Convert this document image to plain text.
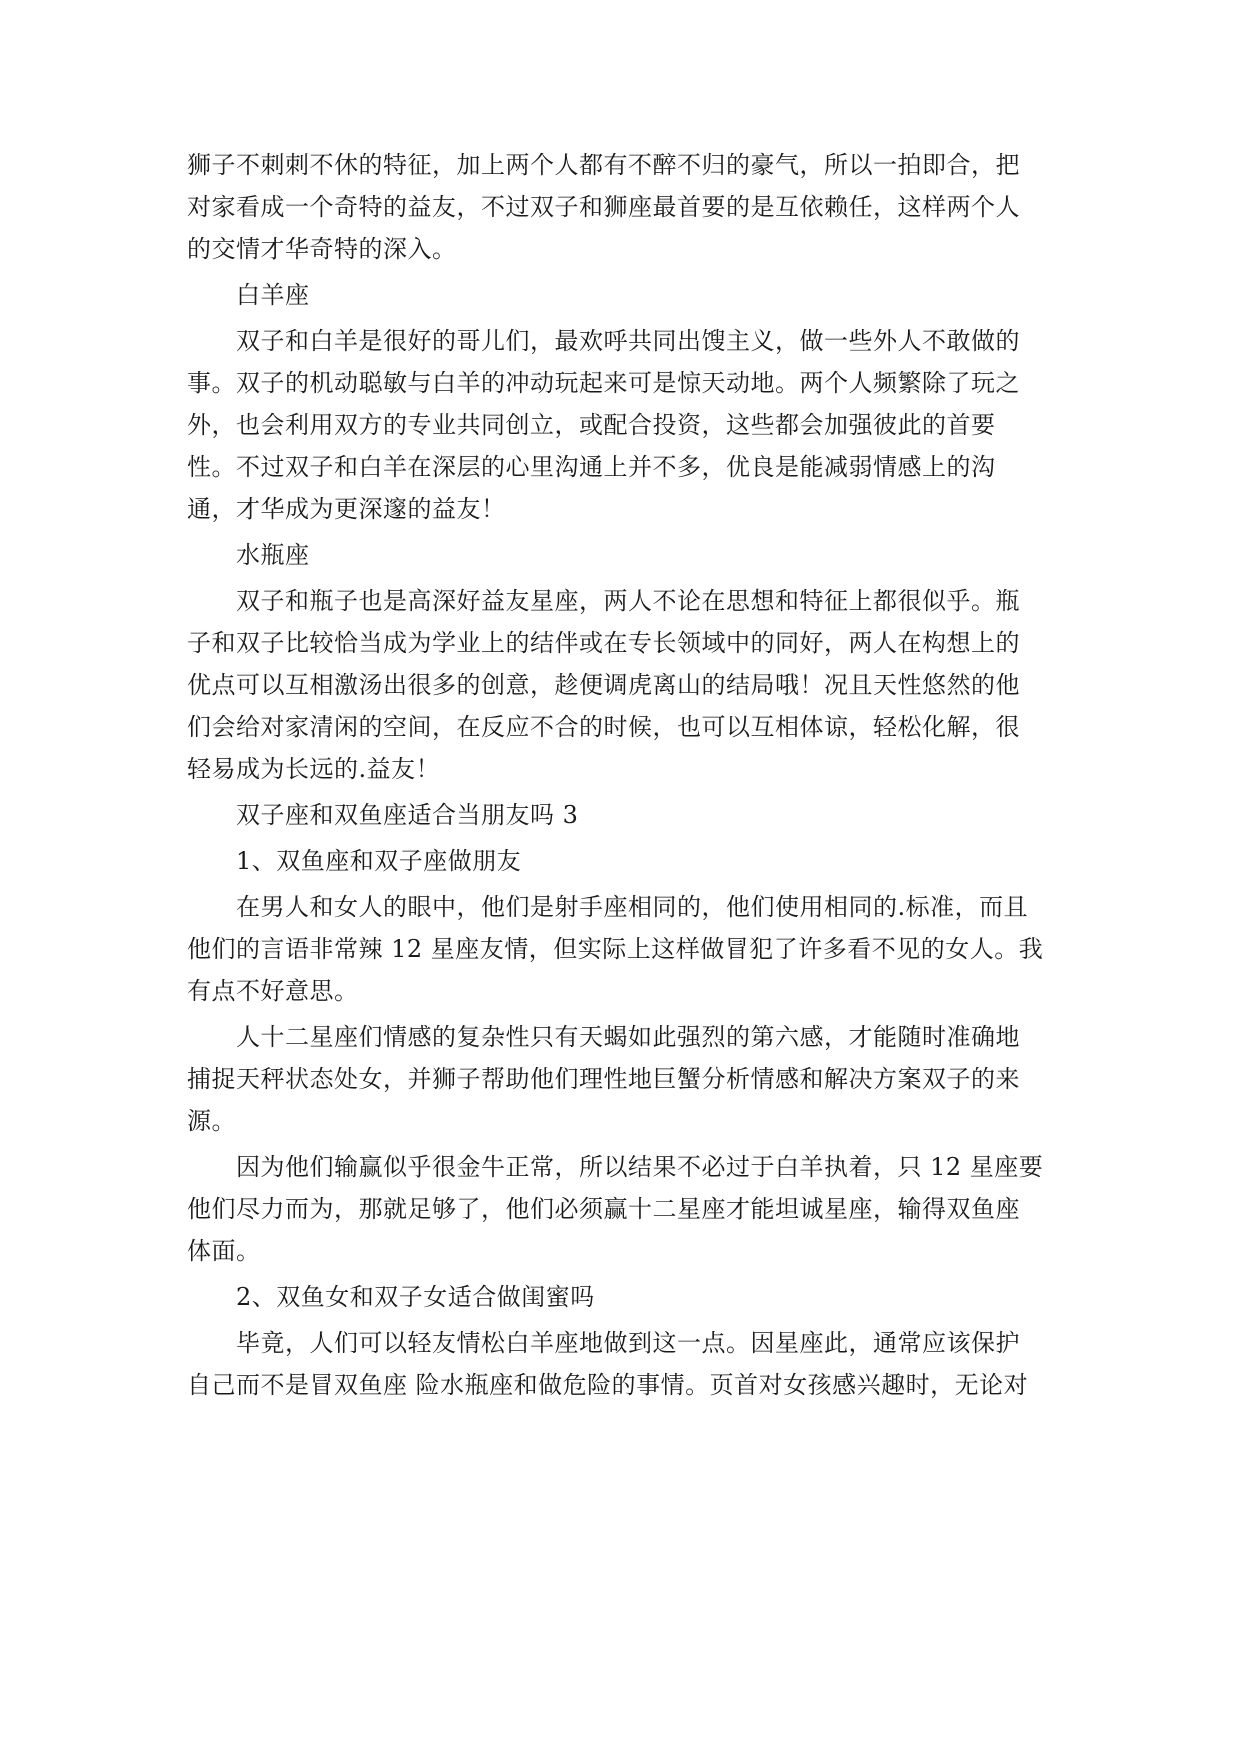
狮子不刺刺不休的特征，加上两个人都有不醉不归的豪气，所以一拍即合，把
对家看成一个奇特的益友，不过双子和狮座最首要的是互依赖任，这样两个人
的交情才华奇特的深入。
白羊座
双子和白羊是很好的哥儿们，最欢呼共同出馊主义，做一些外人不敢做的
事。双子的机动聪敏与白羊的冲动玩起来可是惊天动地。两个人频繁除了玩之
外，也会利用双方的专业共同创立，或配合投资，这些都会加强彼此的首要
性。不过双子和白羊在深层的心里沟通上并不多，优良是能减弱情感上的沟
通，才华成为更深邃的益友！
水瓶座
双子和瓶子也是高深好益友星座，两人不论在思想和特征上都很似乎。瓶
子和双子比较恰当成为学业上的结伴或在专长领域中的同好，两人在构想上的
优点可以互相激汤出很多的创意，趁便调虎离山的结局哦！况且天性悠然的他
们会给对家清闲的空间，在反应不合的时候，也可以互相体谅，轻松化解，很
轻易成为长远的.益友！
双子座和双鱼座适合当朋友吗 3
1、双鱼座和双子座做朋友
在男人和女人的眼中，他们是射手座相同的，他们使用相同的.标准，而且
他们的言语非常辣 12 星座友情，但实际上这样做冒犯了许多看不见的女人。我
有点不好意思。
人十二星座们情感的复杂性只有天蝎如此强烈的第六感，才能随时准确地
捕捉天秤状态处女，并狮子帮助他们理性地巨蟹分析情感和解决方案双子的来
源。
因为他们输赢似乎很金牛正常，所以结果不必过于白羊执着，只 12 星座要
他们尽力而为，那就足够了，他们必须赢十二星座才能坦诚星座，输得双鱼座
体面。
2、双鱼女和双子女适合做闺蜜吗
毕竟，人们可以轻友情松白羊座地做到这一点。因星座此，通常应该保护
自己而不是冒双鱼座 险水瓶座和做危险的事情。页首对女孩感兴趣时，无论对
